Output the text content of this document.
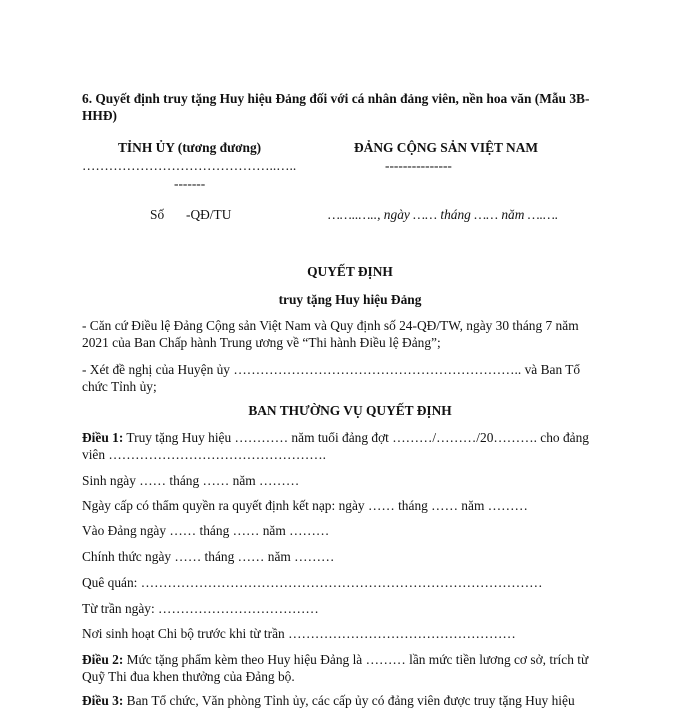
6. Quyết định truy tặng Huy hiệu Đảng đối với cá nhân đảng viên, nền hoa văn (Mẫu 3B-
HHĐ)
TỈNH ỦY (tương đương)
……………………………………..…..
-------
Số -QĐ/TU
ĐẢNG CỘNG SẢN VIỆT NAM
---------------
……..….., ngày …… tháng …… năm ….….
QUYẾT ĐỊNH
truy tặng Huy hiệu Đảng
- Căn cứ Điều lệ Đảng Cộng sản Việt Nam và Quy định số 24-QĐ/TW, ngày 30 tháng 7 năm
2021 của Ban Chấp hành Trung ương về “Thi hành Điều lệ Đảng”;
- Xét đề nghị của Huyện ủy ……………………………………………………….. và Ban Tổ
chức Tỉnh ủy;
BAN THƯỜNG VỤ QUYẾT ĐỊNH
Điều 1: Truy tặng Huy hiệu ………… năm tuổi đảng đợt ………/………/20………. cho đảng
viên ………………………………………….
Sinh ngày …… tháng …… năm ………
Ngày cấp có thẩm quyền ra quyết định kết nạp: ngày …… tháng …… năm ………
Vào Đảng ngày …… tháng …… năm ………
Chính thức ngày …… tháng …… năm ………
Quê quán: ………………………………………………………………………………
Từ trần ngày: ………………………………
Nơi sinh hoạt Chi bộ trước khi từ trần ……………………………………………
Điều 2: Mức tặng phẩm kèm theo Huy hiệu Đảng là ……… lần mức tiền lương cơ sở, trích từ
Quỹ Thi đua khen thưởng của Đảng bộ.
Điều 3: Ban Tổ chức, Văn phòng Tỉnh ủy, các cấp ủy có đảng viên được truy tặng Huy hiệu
